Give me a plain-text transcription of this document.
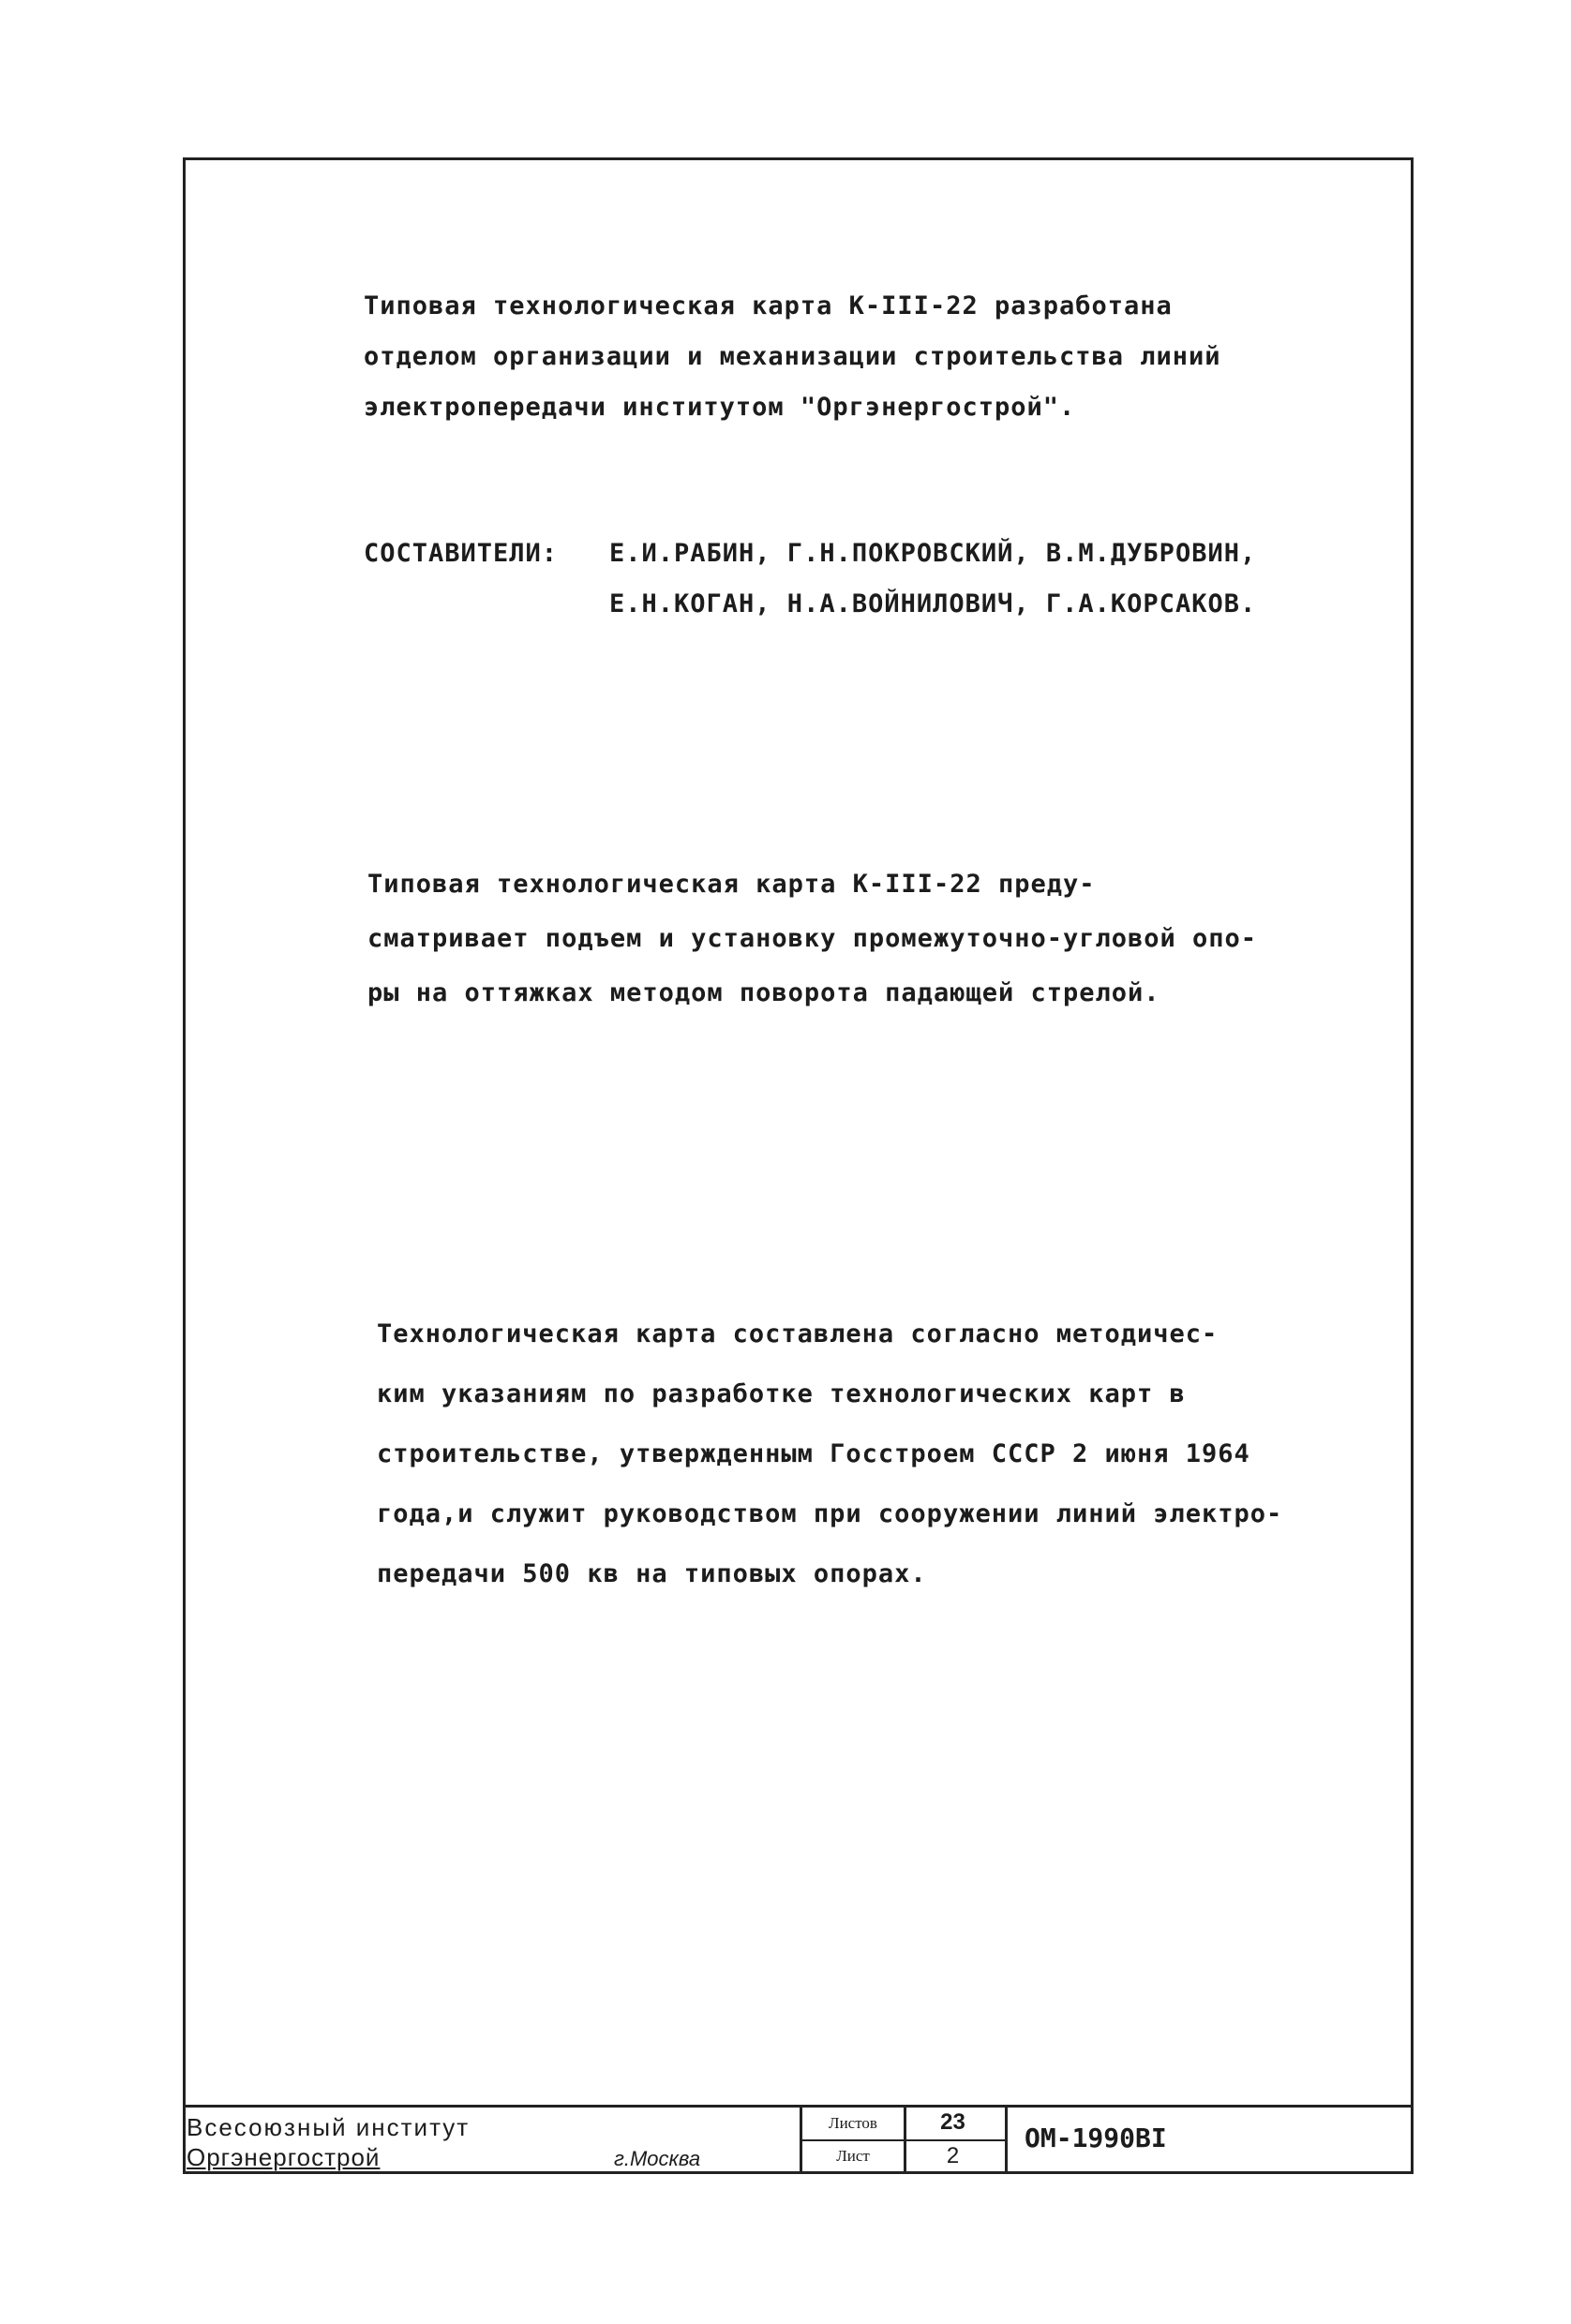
Типовая технологическая карта К-III-22 разработана

отделом организации и механизации строительства линий

электропередачи институтом "Оргэнергострой".

СОСТАВИТЕЛИ:	Е.И.РАБИН, Г.Н.ПОКРОВСКИЙ, В.М.ДУБРОВИН,
Е.Н.КОГАН, Н.А.ВОЙНИЛОВИЧ, Г.А.КОРСАКОВ.

Типовая технологическая карта К-III-22 преду-

сматривает подъем и установку промежуточно-угловой опо-

ры на оттяжках методом поворота падающей стрелой.

Технологическая карта составлена согласно методичес-

ким указаниям по разработке технологических карт в

строительстве, утвержденным Госстроем СССР 2 июня 1964

года,и служит руководством при сооружении линий электро-

передачи 500 кв на типовых опорах.

Всесоюзный институт
Оргэнергострой	г.Москва
Листов
Лист
23
2
ОМ-1990ВI
